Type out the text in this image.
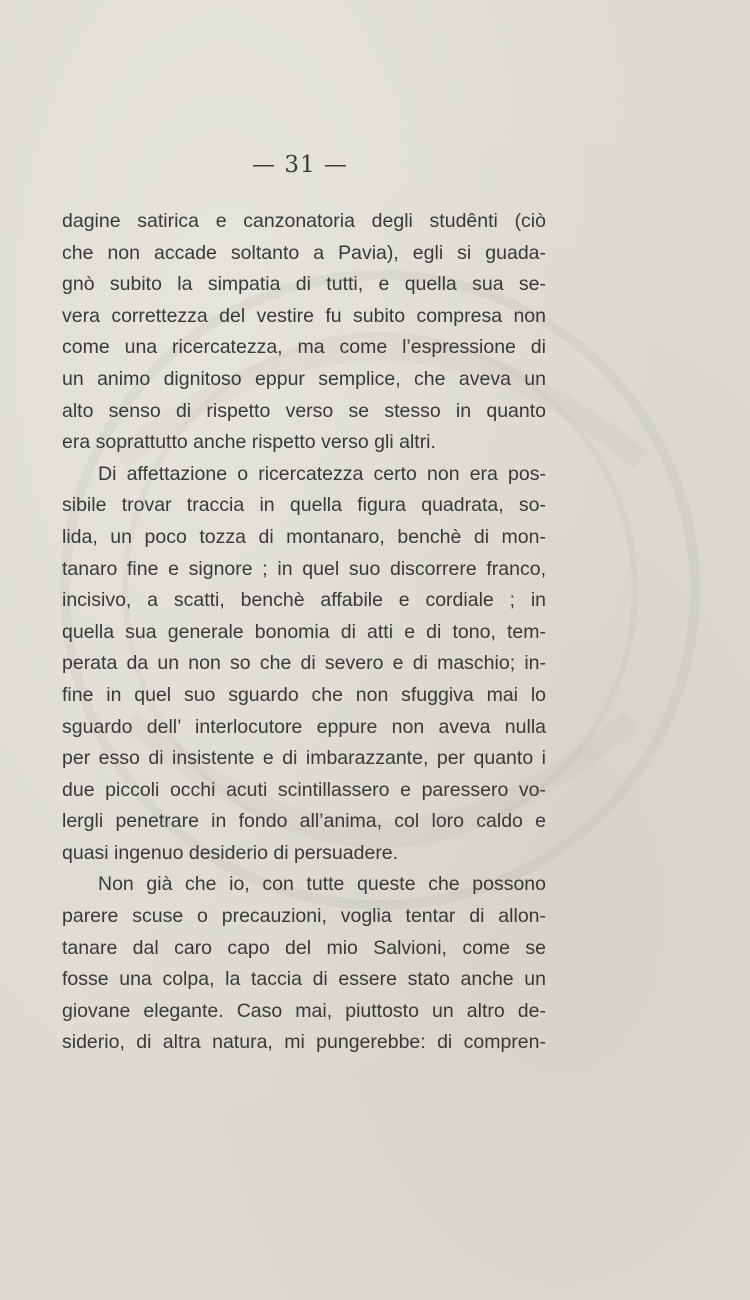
— 31 —
dagine satirica e canzonatoria degli studênti (ciò
che non accade soltanto a Pavia), egli si guada-
gnò subito la simpatia di tutti, e quella sua se-
vera correttezza del vestire fu subito compresa non
come una ricercatezza, ma come l’espressione di
un animo dignitoso eppur semplice, che aveva un
alto senso di rispetto verso se stesso in quanto
era soprattutto anche rispetto verso gli altri.
Di affettazione o ricercatezza certo non era pos-
sibile trovar traccia in quella figura quadrata, so-
lida, un poco tozza di montanaro, benchè di mon-
tanaro fine e signore ; in quel suo discorrere franco,
incisivo, a scatti, benchè affabile e cordiale ; in
quella sua generale bonomia di atti e di tono, tem-
perata da un non so che di severo e di maschio; in-
fine in quel suo sguardo che non sfuggiva mai lo
sguardo dell’ interlocutore eppure non aveva nulla
per esso di insistente e di imbarazzante, per quanto i
due piccoli occhi acuti scintillassero e paressero vo-
lergli penetrare in fondo all’anima, col loro caldo e
quasi ingenuo desiderio di persuadere.
Non già che io, con tutte queste che possono
parere scuse o precauzioni, voglia tentar di allon-
tanare dal caro capo del mio Salvioni, come se
fosse una colpa, la taccia di essere stato anche un
giovane elegante. Caso mai, piuttosto un altro de-
siderio, di altra natura, mi pungerebbe: di compren-
